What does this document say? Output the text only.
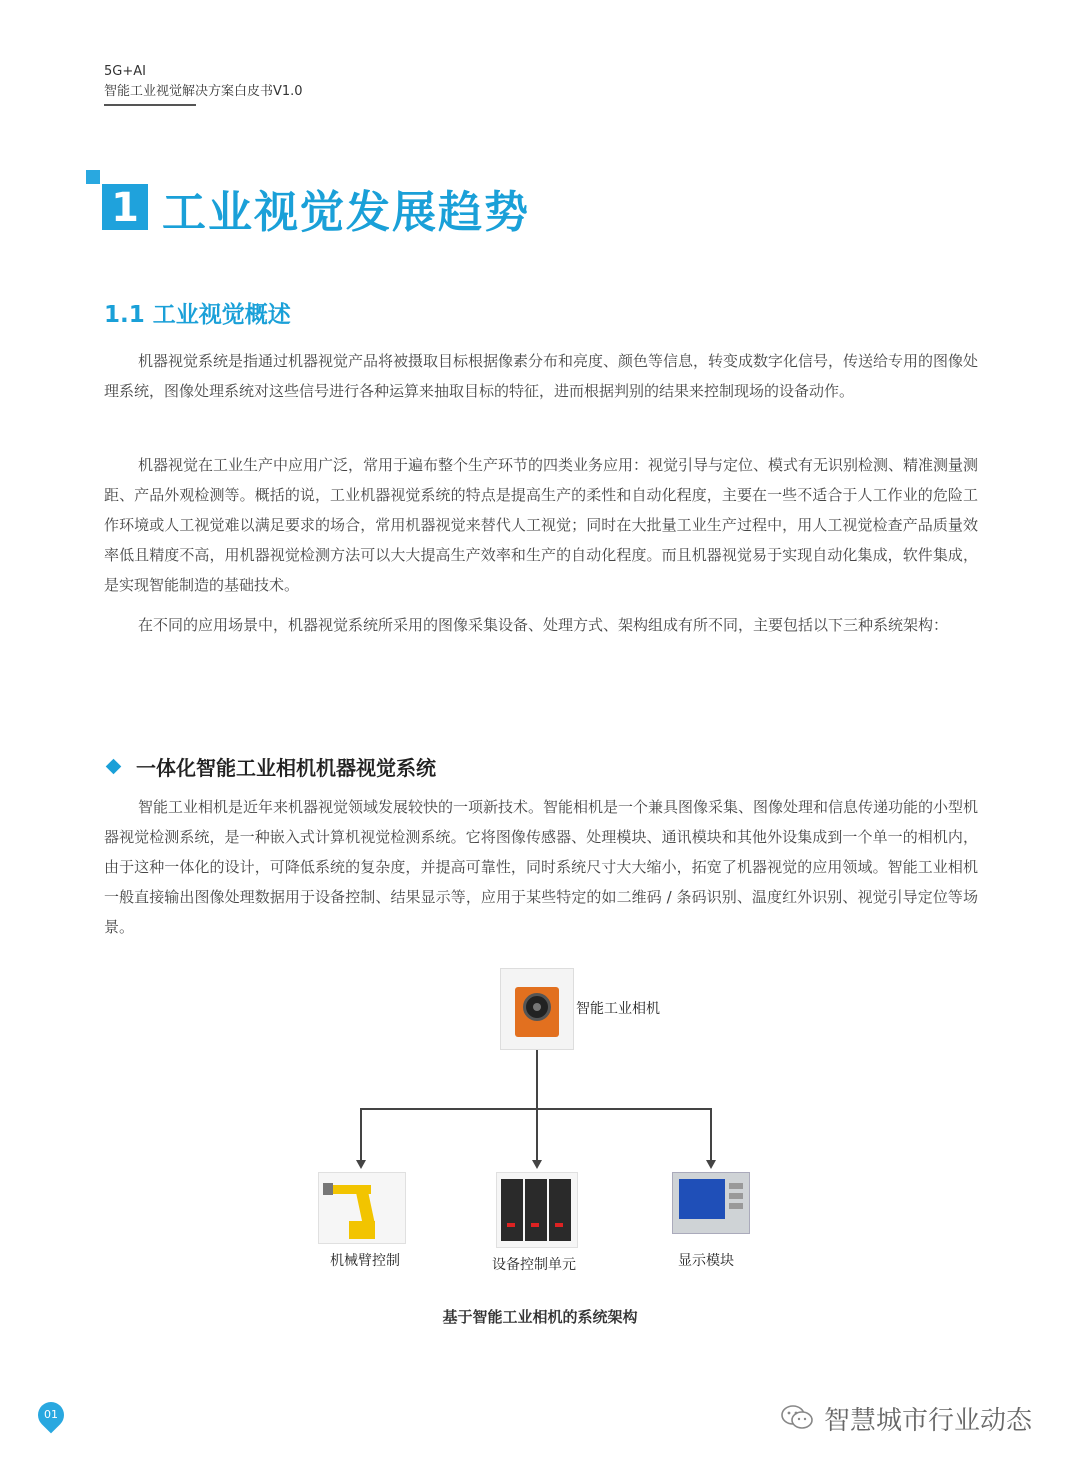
5G+AI
智能工业视觉解决方案白皮书V1.0
1 工业视觉发展趋势
1.1 工业视觉概述

机器视觉系统是指通过机器视觉产品将被摄取目标根据像素分布和亮度、颜色等信息，转变成数字化信号，传送给专用的图像处理系统，图像处理系统对这些信号进行各种运算来抽取目标的特征，进而根据判别的结果来控制现场的设备动作。

机器视觉在工业生产中应用广泛，常用于遍布整个生产环节的四类业务应用：视觉引导与定位、模式有无识别检测、精准测量测距、产品外观检测等。概括的说，工业机器视觉系统的特点是提高生产的柔性和自动化程度，主要在一些不适合于人工作业的危险工作环境或人工视觉难以满足要求的场合，常用机器视觉来替代人工视觉；同时在大批量工业生产过程中，用人工视觉检查产品质量效率低且精度不高，用机器视觉检测方法可以大大提高生产效率和生产的自动化程度。而且机器视觉易于实现自动化集成，软件集成，是实现智能制造的基础技术。

在不同的应用场景中，机器视觉系统所采用的图像采集设备、处理方式、架构组成有所不同，主要包括以下三种系统架构：

一体化智能工业相机机器视觉系统

智能工业相机是近年来机器视觉领域发展较快的一项新技术。智能相机是一个兼具图像采集、图像处理和信息传递功能的小型机器视觉检测系统，是一种嵌入式计算机视觉检测系统。它将图像传感器、处理模块、通讯模块和其他外设集成到一个单一的相机内，由于这种一体化的设计，可降低系统的复杂度，并提高可靠性，同时系统尺寸大大缩小，拓宽了机器视觉的应用领域。智能工业相机一般直接输出图像处理数据用于设备控制、结果显示等，应用于某些特定的如二维码 / 条码识别、温度红外识别、视觉引导定位等场景。

智能工业相机
机械臂控制	设备控制单元	显示模块
基于智能工业相机的系统架构
01	智慧城市行业动态
